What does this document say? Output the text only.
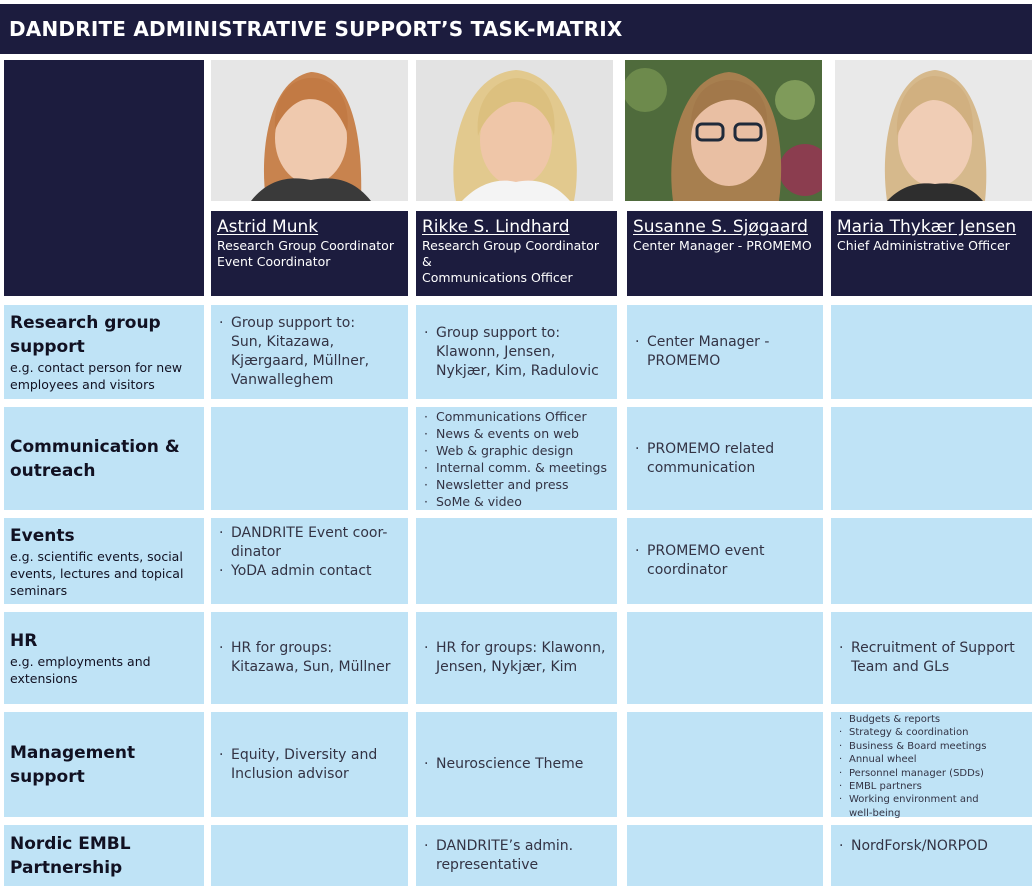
DANDRITE ADMINISTRATIVE SUPPORT’S TASK-MATRIX
Astrid Munk
Research Group Coordinator
Event Coordinator
Rikke S. Lindhard
Research Group Coordinator &
Communications Officer
Susanne S. Sjøgaard
Center Manager - PROMEMO
Maria Thykær Jensen
Chief Administrative Officer
Research group
support
e.g. contact person for new
employees and visitors
· Group support to:
Sun, Kitazawa,
Kjærgaard, Müllner,
Vanwalleghem
· Group support to:
Klawonn, Jensen,
Nykjær, Kim, Radulovic
· Center Manager -
PROMEMO
Communication &
outreach
· Communications Officer
· News & events on web
· Web & graphic design
· Internal comm. & meetings
· Newsletter and press
· SoMe & video
· PROMEMO related
communication
Events
e.g. scientific events, social
events, lectures and topical
seminars
· DANDRITE Event coor-
dinator
· YoDA admin contact
· PROMEMO event
coordinator
HR
e.g. employments and
extensions
· HR for groups:
Kitazawa, Sun, Müllner
· HR for groups: Klawonn,
Jensen, Nykjær, Kim
· Recruitment of Support
Team and GLs
Management
support
· Equity, Diversity and
Inclusion advisor
· Neuroscience Theme
· Budgets & reports
· Strategy & coordination
· Business & Board meetings
· Annual wheel
· Personnel manager (SDDs)
· EMBL partners
· Working environment and
well-being
Nordic EMBL
Partnership
· DANDRITE’s admin.
representative
· NordForsk/NORPOD
